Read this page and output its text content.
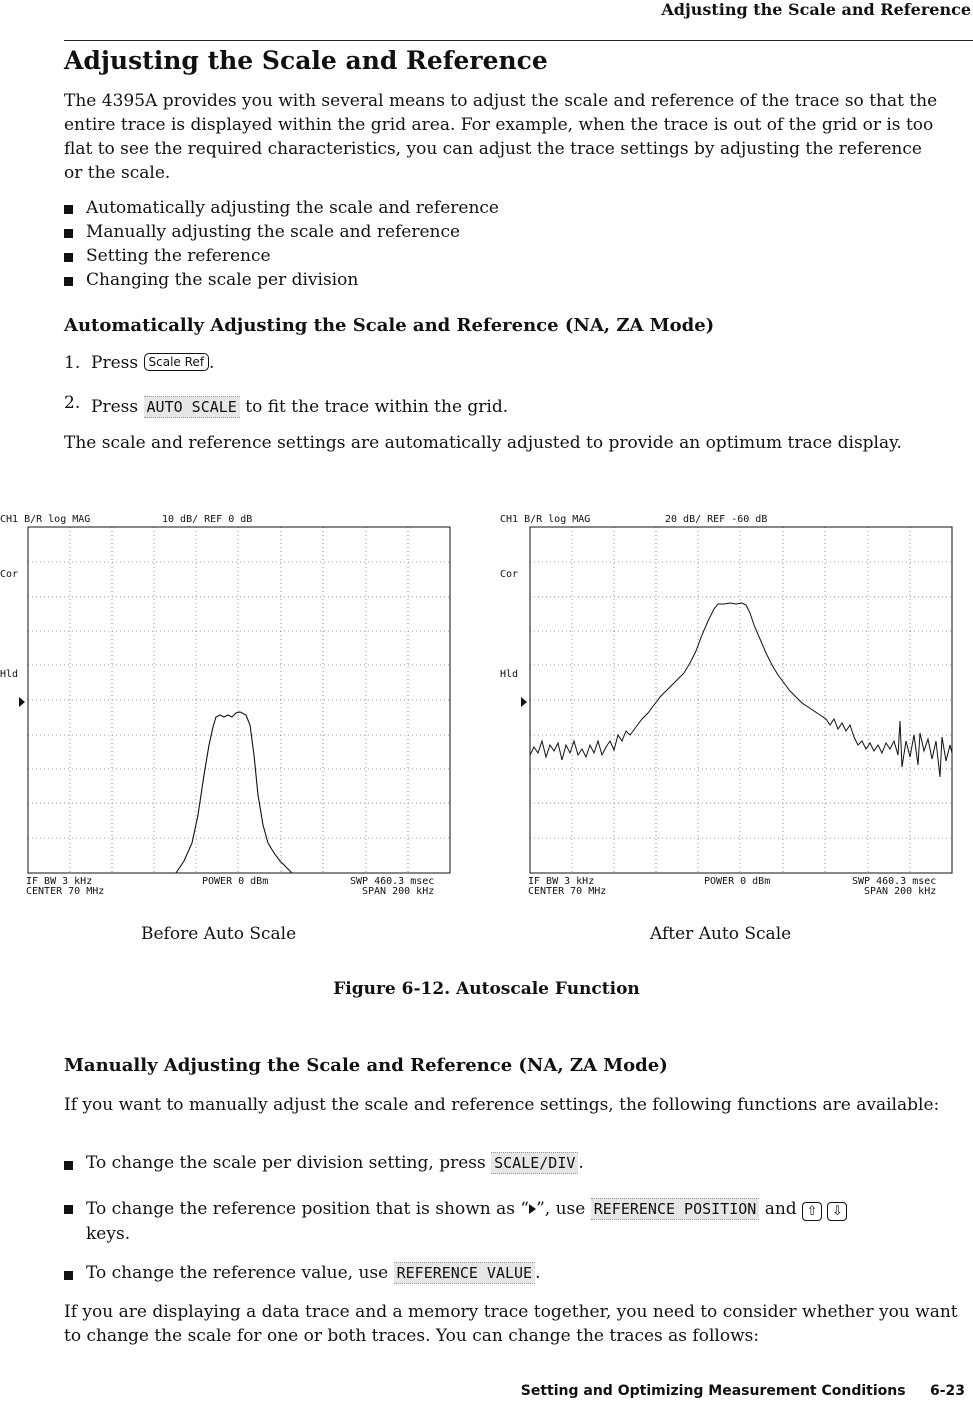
Adjusting the Scale and Reference
Adjusting the Scale and Reference
The 4395A provides you with several means to adjust the scale and reference of the trace so that the entire trace is displayed within the grid area. For example, when the trace is out of the grid or is too flat to see the required characteristics, you can adjust the trace settings by adjusting the reference or the scale.
Automatically adjusting the scale and reference
Manually adjusting the scale and reference
Setting the reference
Changing the scale per division
Automatically Adjusting the Scale and Reference (NA, ZA Mode)
1. Press Scale Ref .
2. Press AUTO SCALE to fit the trace within the grid.
The scale and reference settings are automatically adjusted to provide an optimum trace display.
CH1 B/R log MAG	10 dB/ REF 0 dB
Cor
Hld
IF BW 3 kHz	POWER 0 dBm	SWP 460.3 msec
CENTER 70 MHz	SPAN 200 kHz
CH1 B/R log MAG	20 dB/ REF -60 dB
Cor
Hld
IF BW 3 kHz	POWER 0 dBm	SWP 460.3 msec
CENTER 70 MHz	SPAN 200 kHz
Before Auto Scale	After Auto Scale
Figure 6-12. Autoscale Function
Manually Adjusting the Scale and Reference (NA, ZA Mode)
If you want to manually adjust the scale and reference settings, the following functions are available:
To change the scale per division setting, press SCALE/DIV .
To change the reference position that is shown as “ ”, use REFERENCE POSITION and ⇧ ⇩
keys.
To change the reference value, use REFERENCE VALUE .
If you are displaying a data trace and a memory trace together, you need to consider whether you want to change the scale for one or both traces. You can change the traces as follows:
Setting and Optimizing Measurement Conditions     6-23
